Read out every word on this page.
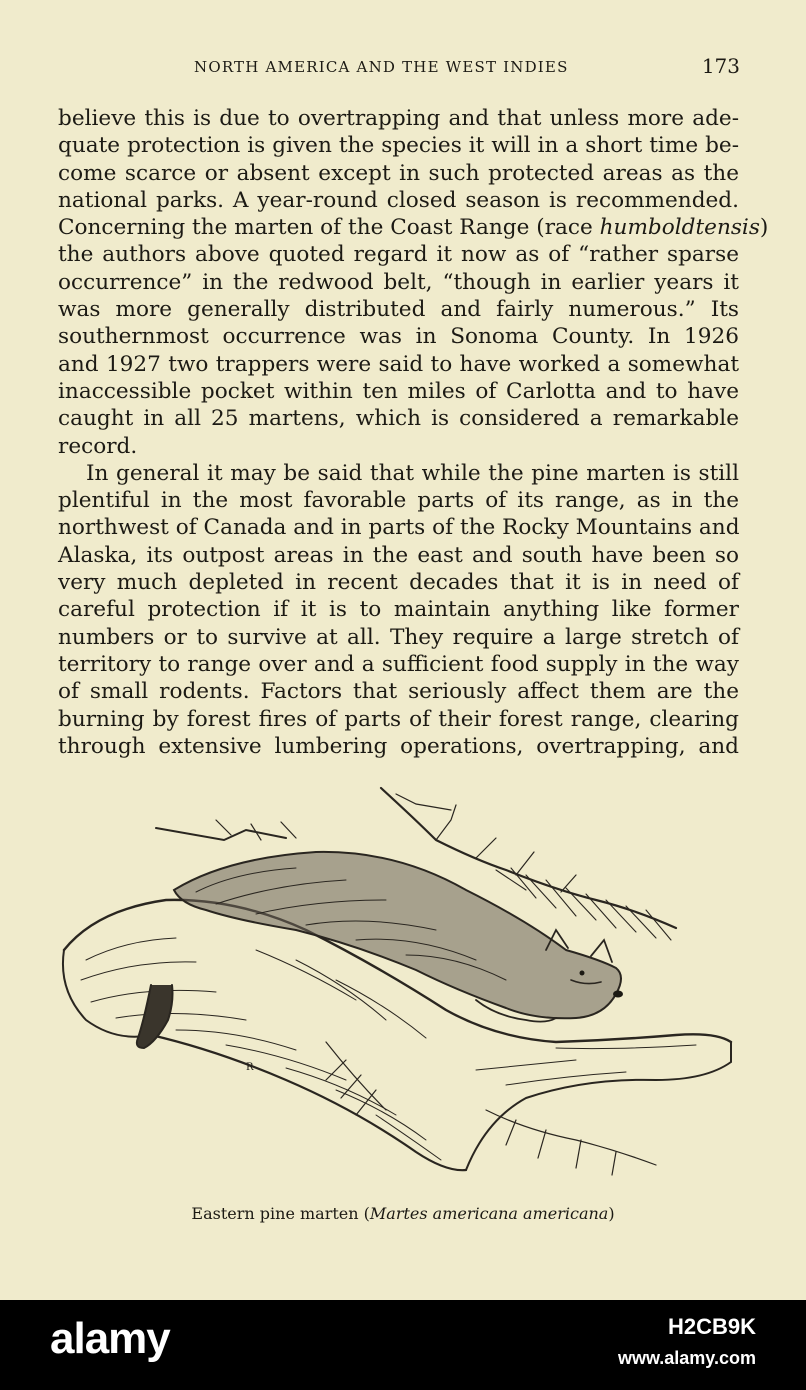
NORTH AMERICA AND THE WEST INDIES	173

believe this is due to overtrapping and that unless more ade-
quate protection is given the species it will in a short time be-
come scarce or absent except in such protected areas as the
national parks. A year-round closed season is recommended.
Concerning the marten of the Coast Range (race humboldtensis)
the authors above quoted regard it now as of “rather sparse
occurrence” in the redwood belt, “though in earlier years it
was more generally distributed and fairly numerous.” Its
southernmost occurrence was in Sonoma County. In 1926
and 1927 two trappers were said to have worked a somewhat
inaccessible pocket within ten miles of Carlotta and to have
caught in all 25 martens, which is considered a remarkable
record.

In general it may be said that while the pine marten is still
plentiful in the most favorable parts of its range, as in the
northwest of Canada and in parts of the Rocky Mountains and
Alaska, its outpost areas in the east and south have been so
very much depleted in recent decades that it is in need of
careful protection if it is to maintain anything like former
numbers or to survive at all. They require a large stretch of
territory to range over and a sufficient food supply in the way
of small rodents. Factors that seriously affect them are the
burning by forest fires of parts of their forest range, clearing
through extensive lumbering operations, overtrapping, and

R
Eastern pine marten (Martes americana americana)
alamy	H2CB9K
www.alamy.com
